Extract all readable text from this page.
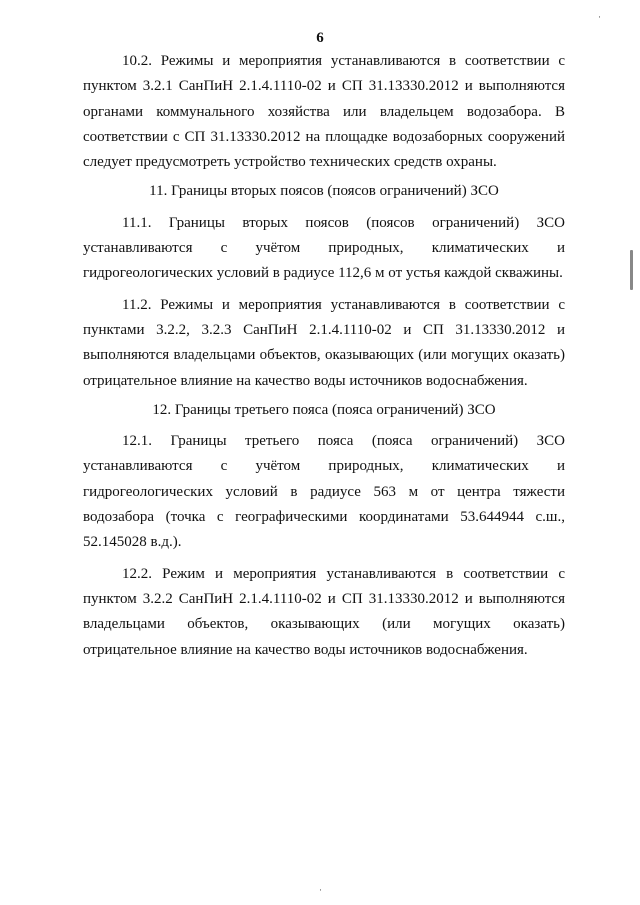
6
·
·

10.2. Режимы и мероприятия устанавливаются в соответствии с пунктом 3.2.1 СанПиН 2.1.4.1110-02 и СП 31.13330.2012 и выполняются органами коммунального хозяйства или владельцем водозабора. В соответствии с СП 31.13330.2012 на площадке водозаборных сооружений следует предусмотреть устройство технических средств охраны.

11. Границы вторых поясов (поясов ограничений) ЗСО

11.1. Границы вторых поясов (поясов ограничений) ЗСО устанавливаются с учётом природных, климатических и гидрогеологических условий в радиусе 112,6 м от устья каждой скважины.

11.2. Режимы и мероприятия устанавливаются в соответствии с пунктами 3.2.2, 3.2.3 СанПиН 2.1.4.1110-02 и СП 31.13330.2012 и выполняются владельцами объектов, оказывающих (или могущих оказать) отрицательное влияние на качество воды источников водоснабжения.

12. Границы третьего пояса (пояса ограничений) ЗСО

12.1. Границы третьего пояса (пояса ограничений) ЗСО устанавливаются с учётом природных, климатических и гидрогеологических условий в радиусе 563 м от центра тяжести водозабора (точка с географическими координатами 53.644944 с.ш., 52.145028 в.д.).

12.2. Режим и мероприятия устанавливаются в соответствии с пунктом 3.2.2 СанПиН 2.1.4.1110-02 и СП 31.13330.2012 и выполняются владельцами объектов, оказывающих (или могущих оказать) отрицательное влияние на качество воды источников водоснабжения.
